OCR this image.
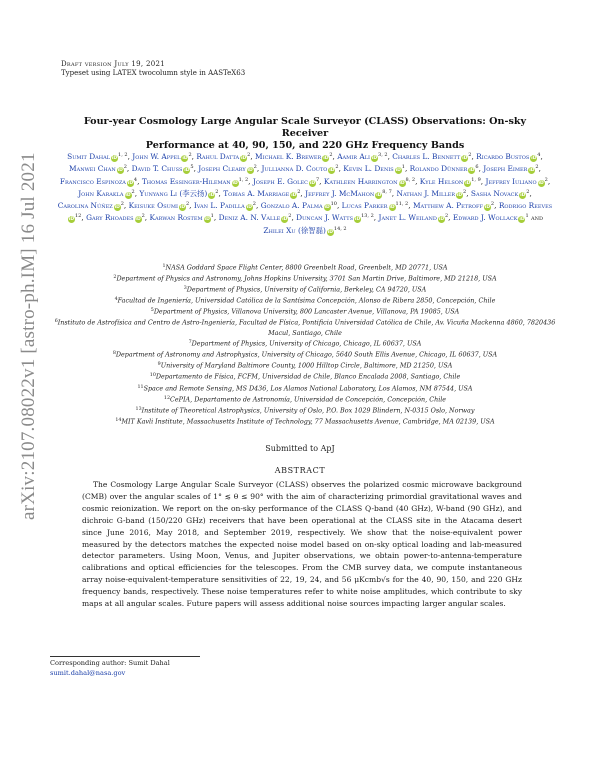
arXiv:2107.08022v1 [astro-ph.IM] 16 Jul 2021
Draft version July 19, 2021
Typeset using LATEX twocolumn style in AASTeX63
Four-year Cosmology Large Angular Scale Surveyor (CLASS) Observations: On-sky Receiver
Performance at 40, 90, 150, and 220 GHz Frequency Bands
Sumit Dahal iD$^{1, 2}$, John W. Appel $iD^2$, Rahul Datta $iD^2$, Michael K. Brewer $iD^2$, Aamir Ali iD$^{3, 2}$, Charles L. Bennett $iD^2$, Ricardo Bustos $iD^4$, Manwei Chan $iD^2$, David T. Chuss $iD^5$, Joseph Cleary $iD^2$, Jullianna D. Couto $iD^2$, Kevin L. Denis $iD^1$, Rolando Dünner $iD^6$, Joseph Eimer $iD^2$, Francisco Espinoza $iD^4$, Thomas Essinger-Hileman iD$^{1, 2}$, Joseph E. Golec $iD^7$, Kathleen Harrington iD$^{8, 2}$, Kyle Helson iD$^{1, 9}$, Jeffrey Iuliano $iD^2$, John Karakla $iD^2$, Yunyang Li (李云扬) $iD^2$, Tobias A. Marriage $iD^2$, Jeffrey J. McMahon iD$^{8, 7}$, Nathan J. Miller $iD^2$, Sasha Novack $iD^2$, Carolina Núñez $iD^2$, Keisuke Osumi $iD^2$, Ivan L. Padilla $iD^2$, Gonzalo A. Palma $iD^{10}$, Lucas Parker iD$^{11, 2}$, Matthew A. Petroff $iD^2$, Rodrigo ReevesiD$^{12}$, Gary Rhoades $iD^2$, Karwan Rostem $iD^1$, Deniz A. N. Valle $iD^2$, Duncan J. Watts iD$^{13, 2}$, Janet L. Weiland $iD^2$, Edward J. Wollack $iD^1$ and Zhilei Xu (徐智磊) iD$^{14, 2}$
$^1$NASA Goddard Space Flight Center, 8800 Greenbelt Road, Greenbelt, MD 20771, USA
$^2$Department of Physics and Astronomy, Johns Hopkins University, 3701 San Martin Drive, Baltimore, MD 21218, USA
$^3$Department of Physics, University of California, Berkeley, CA 94720, USA
$^4$Facultad de Ingeniería, Universidad Católica de la Santísima Concepción, Alonso de Ribera 2850, Concepción, Chile
$^5$Department of Physics, Villanova University, 800 Lancaster Avenue, Villanova, PA 19085, USA
$^6$Instituto de Astrofísica and Centro de Astro-Ingeniería, Facultad de Física, Pontificia Universidad Católica de Chile, Av. Vicuña Mackenna 4860, 7820436 Macul, Santiago, Chile
$^7$Department of Physics, University of Chicago, Chicago, IL 60637, USA
$^8$Department of Astronomy and Astrophysics, University of Chicago, 5640 South Ellis Avenue, Chicago, IL 60637, USA
$^9$University of Maryland Baltimore County, 1000 Hilltop Circle, Baltimore, MD 21250, USA
$^{10}$Departamento de Física, FCFM, Universidad de Chile, Blanco Encalada 2008, Santiago, Chile
$^{11}$Space and Remote Sensing, MS D436, Los Alamos National Laboratory, Los Alamos, NM 87544, USA
$^{12}$CePIA, Departamento de Astronomía, Universidad de Concepción, Concepción, Chile
$^{13}$Institute of Theoretical Astrophysics, University of Oslo, P.O. Box 1029 Blindern, N-0315 Oslo, Norway
$^{14}$MIT Kavli Institute, Massachusetts Institute of Technology, 77 Massachusetts Avenue, Cambridge, MA 02139, USA
Submitted to ApJ
ABSTRACT
The Cosmology Large Angular Scale Surveyor (CLASS) observes the polarized cosmic microwave background (CMB) over the angular scales of 1° ≲ θ ≤ 90° with the aim of characterizing primordial gravitational waves and cosmic reionization. We report on the on-sky performance of the CLASS Q-band (40 GHz), W-band (90 GHz), and dichroic G-band (150/220 GHz) receivers that have been operational at the CLASS site in the Atacama desert since June 2016, May 2018, and September 2019, respectively. We show that the noise-equivalent power measured by the detectors matches the expected noise model based on on-sky optical loading and lab-measured detector parameters. Using Moon, Venus, and Jupiter observations, we obtain power-to-antenna-temperature calibrations and optical efficiencies for the telescopes. From the CMB survey data, we compute instantaneous array noise-equivalent-temperature sensitivities of 22, 19, 24, and 56 μKcmb√s for the 40, 90, 150, and 220 GHz frequency bands, respectively. These noise temperatures refer to white noise amplitudes, which contribute to sky maps at all angular scales. Future papers will assess additional noise sources impacting larger angular scales.
Corresponding author: Sumit Dahal
sumit.dahal@nasa.gov
